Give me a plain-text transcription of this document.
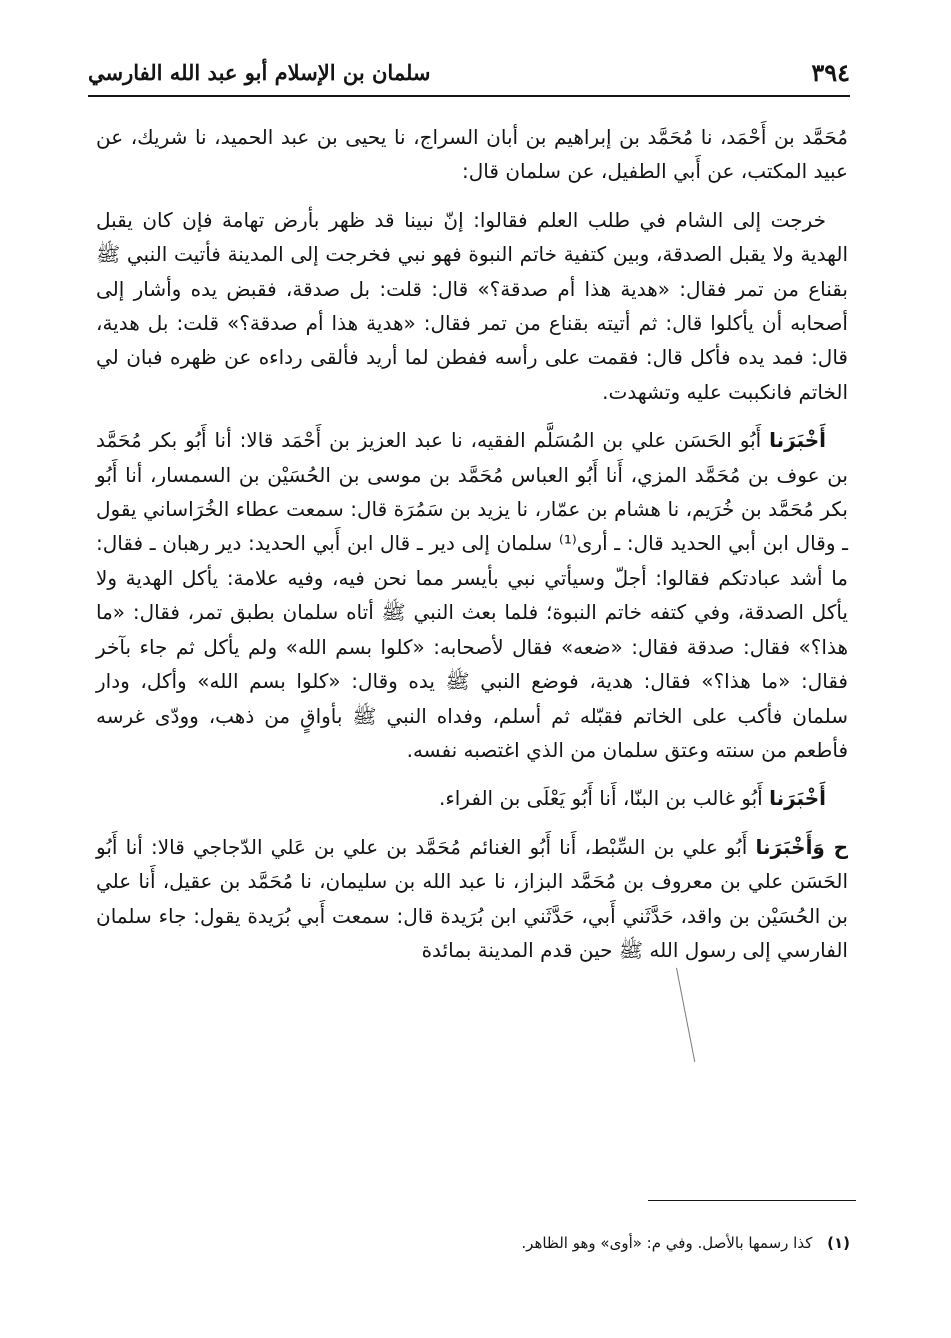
٣٩٤
سلمان بن الإسلام أبو عبد الله الفارسي

مُحَمَّد بن أَحْمَد، نا مُحَمَّد بن إبراهيم بن أبان السراج، نا يحيى بن عبد الحميد، نا شريك، عن عبيد المكتب، عن أَبي الطفيل، عن سلمان قال:

خرجت إلى الشام في طلب العلم فقالوا: إنّ نبينا قد ظهر بأرض تهامة فإن كان يقبل الهدية ولا يقبل الصدقة، وبين كتفية خاتم النبوة فهو نبي فخرجت إلى المدينة فأتيت النبي ﷺ بقناع من تمر فقال: «هدية هذا أم صدقة؟» قال: قلت: بل صدقة، فقبض يده وأشار إلى أصحابه أن يأكلوا قال: ثم أتيته بقناع من تمر فقال: «هدية هذا أم صدقة؟» قلت: بل هدية، قال: فمد يده فأكل قال: فقمت على رأسه ففطن لما أريد فألقى رداءه عن ظهره فبان لي الخاتم فانكببت عليه وتشهدت.

أَخْبَرَنا أَبُو الحَسَن علي بن المُسَلَّم الفقيه، نا عبد العزيز بن أَحْمَد قالا: أنا أَبُو بكر مُحَمَّد بن عوف بن مُحَمَّد المزي، أَنا أَبُو العباس مُحَمَّد بن موسى بن الحُسَيْن بن السمسار، أنا أَبُو بكر مُحَمَّد بن خُرَيم، نا هشام بن عمّار، نا يزيد بن سَمُرَة قال: سمعت عطاء الخُرَاساني يقول ـ وقال ابن أبي الحديد قال: ـ أرى⁽¹⁾ سلمان إلى دير ـ قال ابن أَبي الحديد: دير رهبان ـ فقال: ما أشد عبادتكم فقالوا: أجلّ وسيأتي نبي بأيسر مما نحن فيه، وفيه علامة: يأكل الهدية ولا يأكل الصدقة، وفي كتفه خاتم النبوة؛ فلما بعث النبي ﷺ أتاه سلمان بطبق تمر، فقال: «ما هذا؟» فقال: صدقة فقال: «ضعه» فقال لأصحابه: «كلوا بسم الله» ولم يأكل ثم جاء بآخر فقال: «ما هذا؟» فقال: هدية، فوضع النبي ﷺ يده وقال: «كلوا بسم الله» وأكل، ودار سلمان فأكب على الخاتم فقبّله ثم أسلم، وفداه النبي ﷺ بأواقٍ من ذهب، وودّى غرسه فأطعم من سنته وعتق سلمان من الذي اغتصبه نفسه.

أَخْبَرَنا أَبُو غالب بن البنّا، أَنا أَبُو يَعْلَى بن الفراء.

ح وَأَخْبَرَنا أَبُو علي بن السِّبْط، أَنا أَبُو الغنائم مُحَمَّد بن علي بن عَلي الدّجاجي قالا: أنا أَبُو الحَسَن علي بن معروف بن مُحَمَّد البزاز، نا عبد الله بن سليمان، نا مُحَمَّد بن عقيل، أَنا علي بن الحُسَيْن بن واقد، حَدَّثَني أَبي، حَدَّثَني ابن بُرَيدة قال: سمعت أَبي بُرَيدة يقول: جاء سلمان الفارسي إلى رسول الله ﷺ حين قدم المدينة بمائدة

(١) كذا رسمها بالأصل. وفي م: «أوى» وهو الظاهر.
